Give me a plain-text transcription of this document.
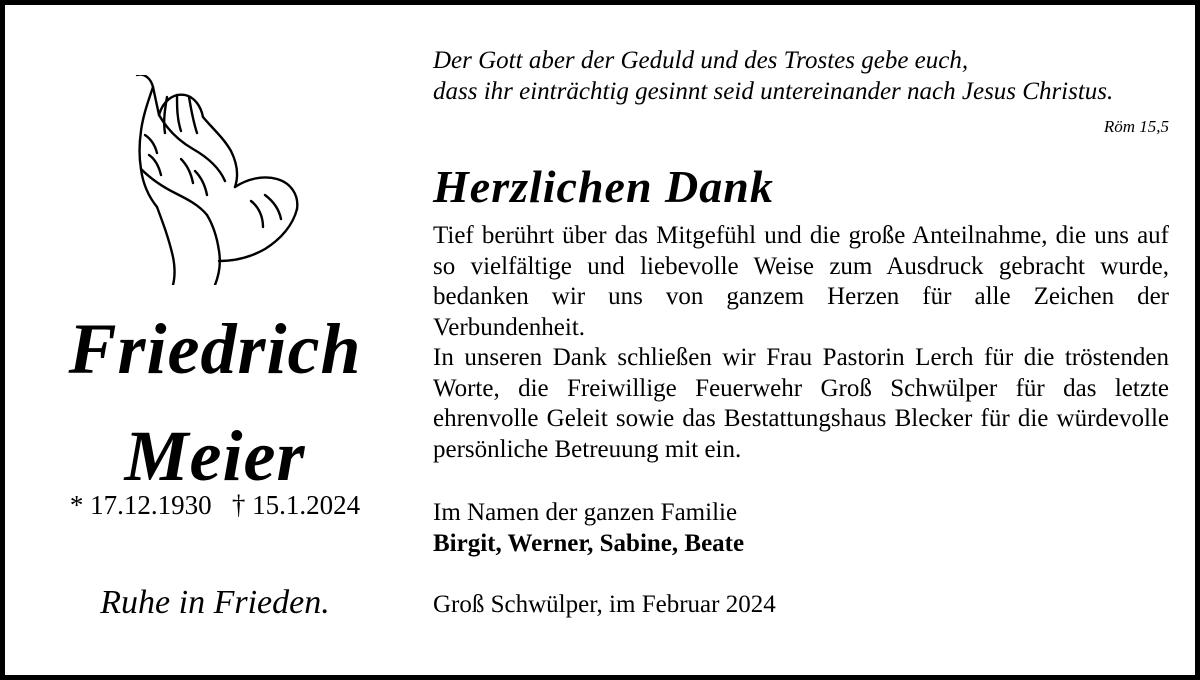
Friedrich
Meier
* 17.12.1930   † 15.1.2024
Ruhe in Frieden.

Der Gott aber der Geduld und des Trostes gebe euch,

dass ihr einträchtig gesinnt seid untereinander nach Jesus Christus.

Röm 15,5
Herzlichen Dank

Tief berührt über das Mitgefühl und die große Anteilnahme, die uns auf so vielfältige und liebevolle Weise zum Ausdruck gebracht wurde, bedanken wir uns von ganzem Herzen für alle Zeichen der Verbundenheit.

In unseren Dank schließen wir Frau Pastorin Lerch für die tröstenden Worte, die Freiwillige Feuerwehr Groß Schwülper für das letzte ehrenvolle Geleit sowie das Bestattungshaus Blecker für die würdevolle persönliche Betreuung mit ein.

Im Namen der ganzen Familie
Birgit, Werner, Sabine, Beate
Groß Schwülper, im Februar 2024
